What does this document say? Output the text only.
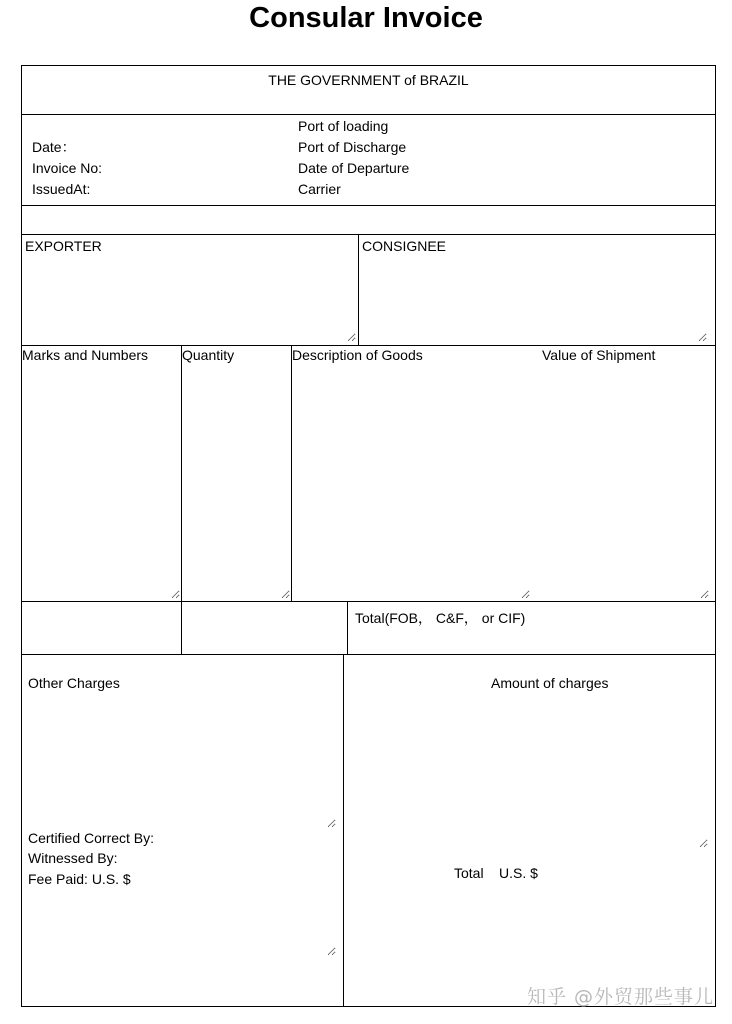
Consular Invoice
THE GOVERNMENT of BRAZIL
Date：
Invoice No:
IssuedAt:
Port of loading
Port of Discharge
Date of Departure
Carrier
EXPORTER	CONSIGNEE
Marks and Numbers Quantity	Description of Goods	Value of Shipment
Total(FOB， C&F， or CIF)
Other Charges	Amount of charges
Certified Correct By:
Witnessed By:
Fee Paid: U.S. $	Total U.S. $
知乎 @外贸那些事儿
